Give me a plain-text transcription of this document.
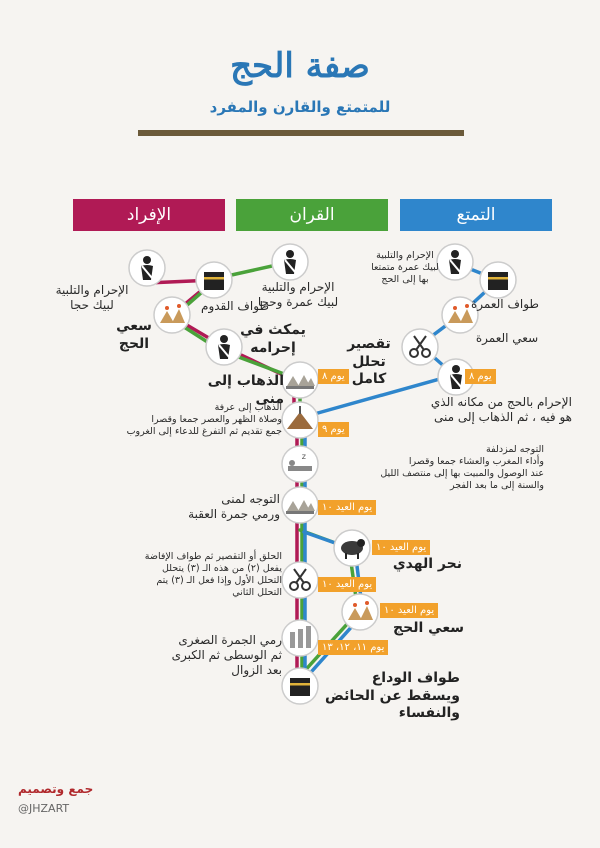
صفة الحج
للمتمتع والقارن والمفرد
الإفراد	القران	التمتع
z
الإحرام والتلبية
لبيك حجا	طواف القدوم
الإحرام والتلبية
لبيك عمرة وحجا
الإحرام والتلبية
لبيك عمرة متمتعا
بها إلى الحج
طواف العمرة
سعي الحج
يمكث في
إحرامه
سعي العمرة
تقصير
تحلل كامل
الذهاب إلى منى
يوم ٨	يوم ٨
الإحرام بالحج من مكانه الذي
هو فيه ، ثم الذهاب إلى منى
الذهاب إلى عرفة
وصلاة الظهر والعصر جمعا وقصرا
جمع تقديم ثم التفرغ للدعاء إلى الغروب	يوم ٩
التوجه لمزدلفة
وأداء المغرب والعشاء جمعا وقصرا
عند الوصول والمبيت بها إلى منتصف الليل
والسنة إلى ما بعد الفجر
التوجه لمنى
ورمي جمرة العقبة	يوم العيد ١٠
يوم العيد ١٠
نحر الهدي
الحلق أو التقصير ثم طواف الإفاضة
يفعل (٢) من هذه الـ (٣) يتحلل
التحلل الأول وإذا فعل الـ (٣) يتم
التحلل الثاني
يوم العيد ١٠
يوم العيد ١٠
سعي الحج
رمي الجمرة الصغرى
ثم الوسطى ثم الكبرى
بعد الزوال
يوم ١١، ١٢، ١٣
طواف الوداع
ويسقط عن الحائض
والنفساء
جمع وتصميم
@JHZART
